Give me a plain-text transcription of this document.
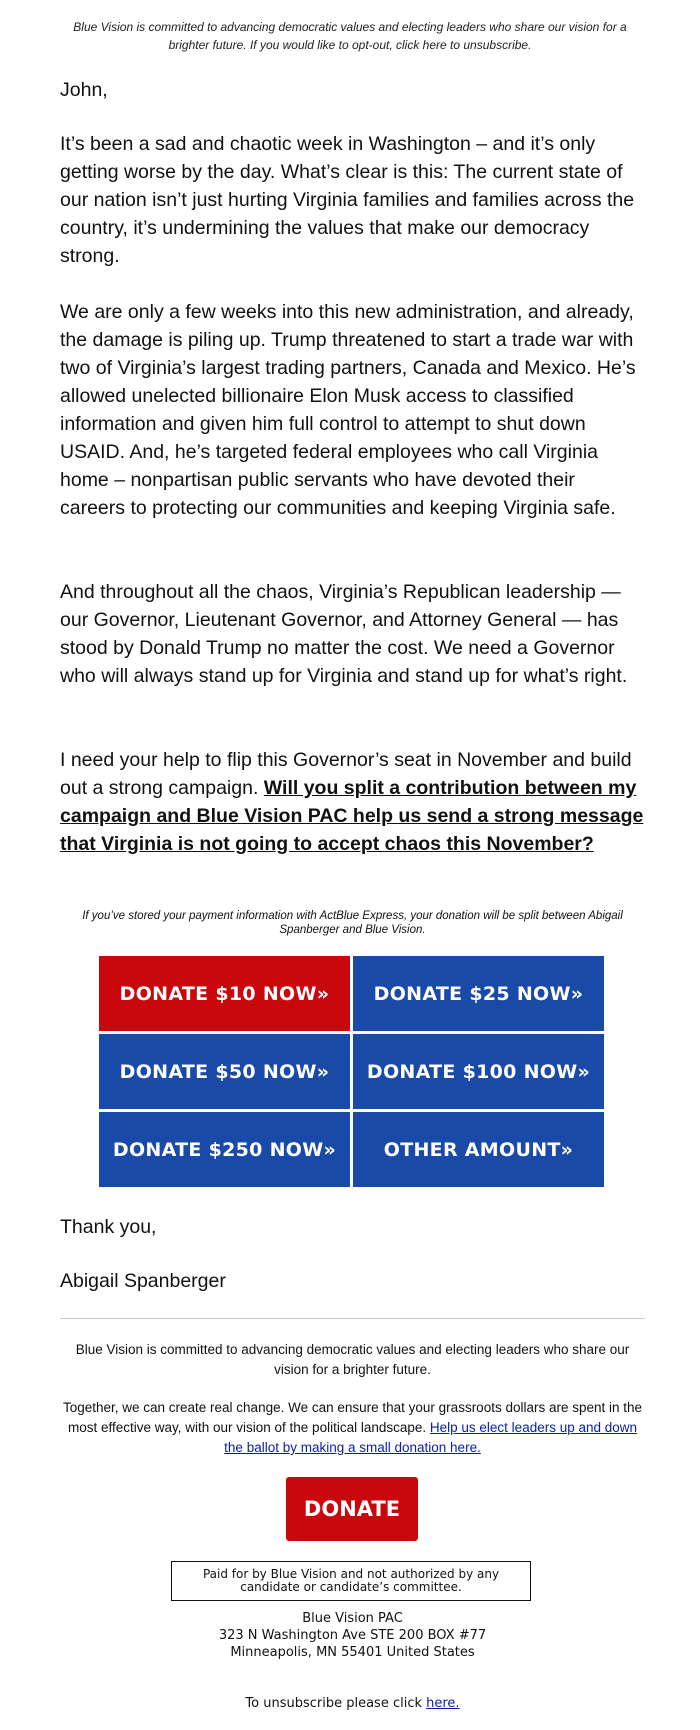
Blue Vision is committed to advancing democratic values and electing leaders who share our vision for a brighter future. If you would like to opt-out, click here to unsubscribe.

John,

It’s been a sad and chaotic week in Washington – and it’s only getting worse by the day. What’s clear is this: The current state of our nation isn’t just hurting Virginia families and families across the country, it’s undermining the values that make our democracy strong.

We are only a few weeks into this new administration, and already, the damage is piling up. Trump threatened to start a trade war with two of Virginia’s largest trading partners, Canada and Mexico. He’s allowed unelected billionaire Elon Musk access to classified information and given him full control to attempt to shut down USAID. And, he’s targeted federal employees who call Virginia home – nonpartisan public servants who have devoted their careers to protecting our communities and keeping Virginia safe.

And throughout all the chaos, Virginia’s Republican leadership — our Governor, Lieutenant Governor, and Attorney General — has stood by Donald Trump no matter the cost. We need a Governor who will always stand up for Virginia and stand up for what’s right.

I need your help to flip this Governor’s seat in November and build out a strong campaign. Will you split a contribution between my campaign and Blue Vision PAC help us send a strong message that Virginia is not going to accept chaos this November?

If you’ve stored your payment information with ActBlue Express, your donation will be split between Abigail Spanberger and Blue Vision.
DONATE $10 NOW»	DONATE $25 NOW»
DONATE $50 NOW»	DONATE $100 NOW»
DONATE $250 NOW»	OTHER AMOUNT»
Thank you,
Abigail Spanberger
Blue Vision is committed to advancing democratic values and electing leaders who share our vision for a brighter future.
Together, we can create real change. We can ensure that your grassroots dollars are spent in the most effective way, with our vision of the political landscape. Help us elect leaders up and down the ballot by making a small donation here.
DONATE
Paid for by Blue Vision and not authorized by any candidate or candidate’s committee.
Blue Vision PAC
323 N Washington Ave STE 200 BOX #77
Minneapolis, MN 55401 United States
To unsubscribe please click here.
